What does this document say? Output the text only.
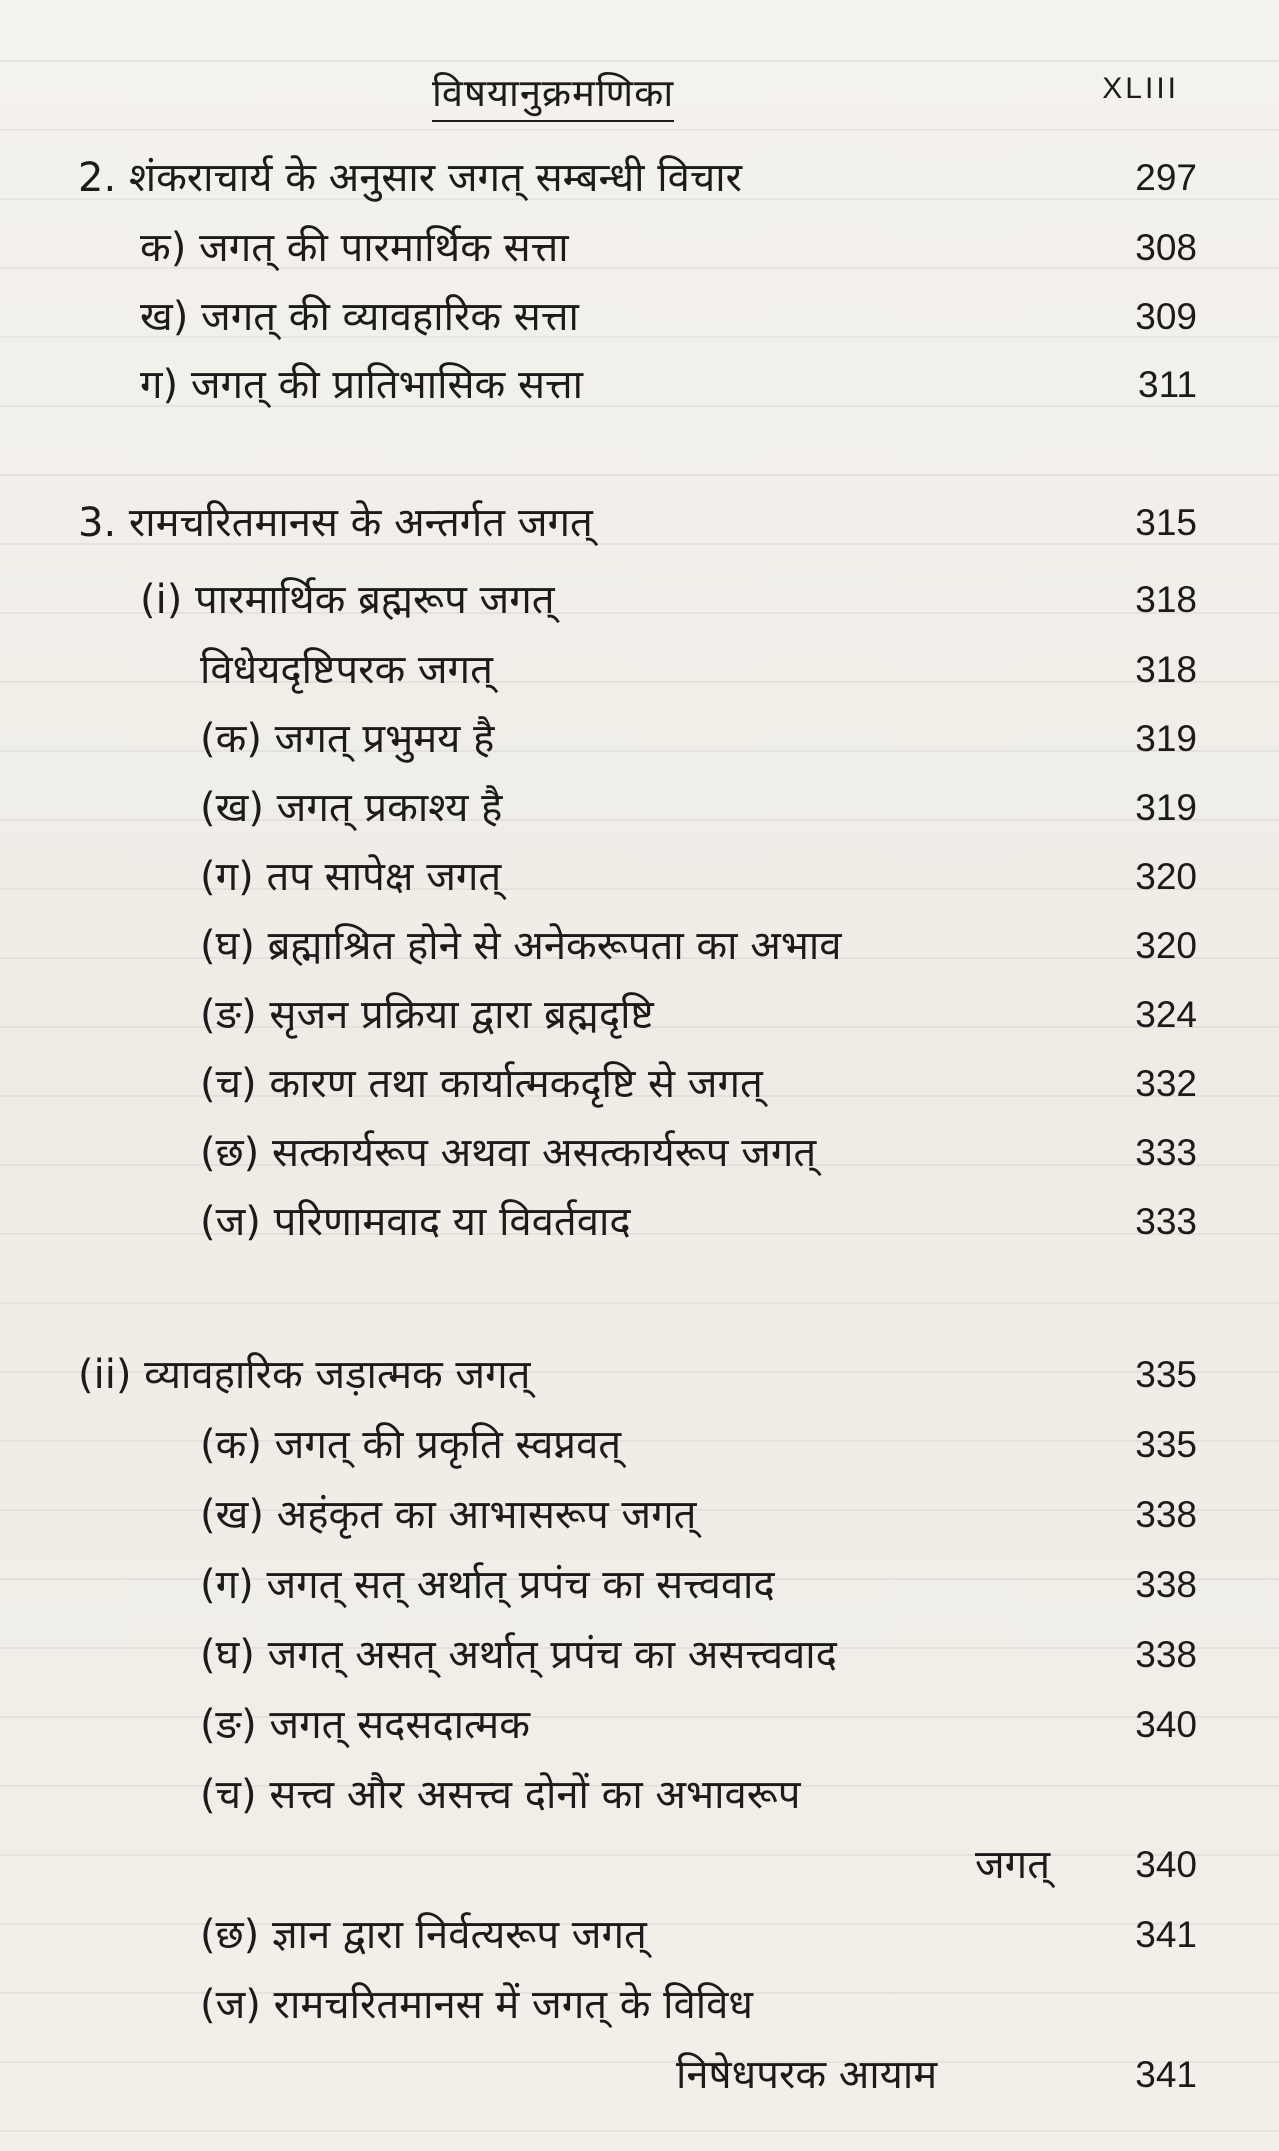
विषयानुक्रमणिका	XLIII
2. शंकराचार्य के अनुसार जगत् सम्बन्धी विचार	297
क) जगत् की पारमार्थिक सत्ता	308
ख) जगत् की व्यावहारिक सत्ता	309
ग) जगत् की प्रातिभासिक सत्ता	311
3. रामचरितमानस के अन्तर्गत जगत्	315
(i) पारमार्थिक ब्रह्मरूप जगत्	318
विधेयदृष्टिपरक जगत्	318
(क) जगत् प्रभुमय है	319
(ख) जगत् प्रकाश्य है	319
(ग) तप सापेक्ष जगत्	320
(घ) ब्रह्माश्रित होने से अनेकरूपता का अभाव	320
(ङ) सृजन प्रक्रिया द्वारा ब्रह्मदृष्टि	324
(च) कारण तथा कार्यात्मकदृष्टि से जगत्	332
(छ) सत्कार्यरूप अथवा असत्कार्यरूप जगत्	333
(ज) परिणामवाद या विवर्तवाद	333
(ii) व्यावहारिक जड़ात्मक जगत्	335
(क) जगत् की प्रकृति स्वप्नवत्	335
(ख) अहंकृत का आभासरूप जगत्	338
(ग) जगत् सत् अर्थात् प्रपंच का सत्त्ववाद	338
(घ) जगत् असत् अर्थात् प्रपंच का असत्त्ववाद	338
(ङ) जगत् सदसदात्मक	340
(च) सत्त्व और असत्त्व दोनों का अभावरूप
जगत् 340
(छ) ज्ञान द्वारा निर्वत्यरूप जगत्	341
(ज) रामचरितमानस में जगत् के विविध
निषेधपरक आयाम	341
